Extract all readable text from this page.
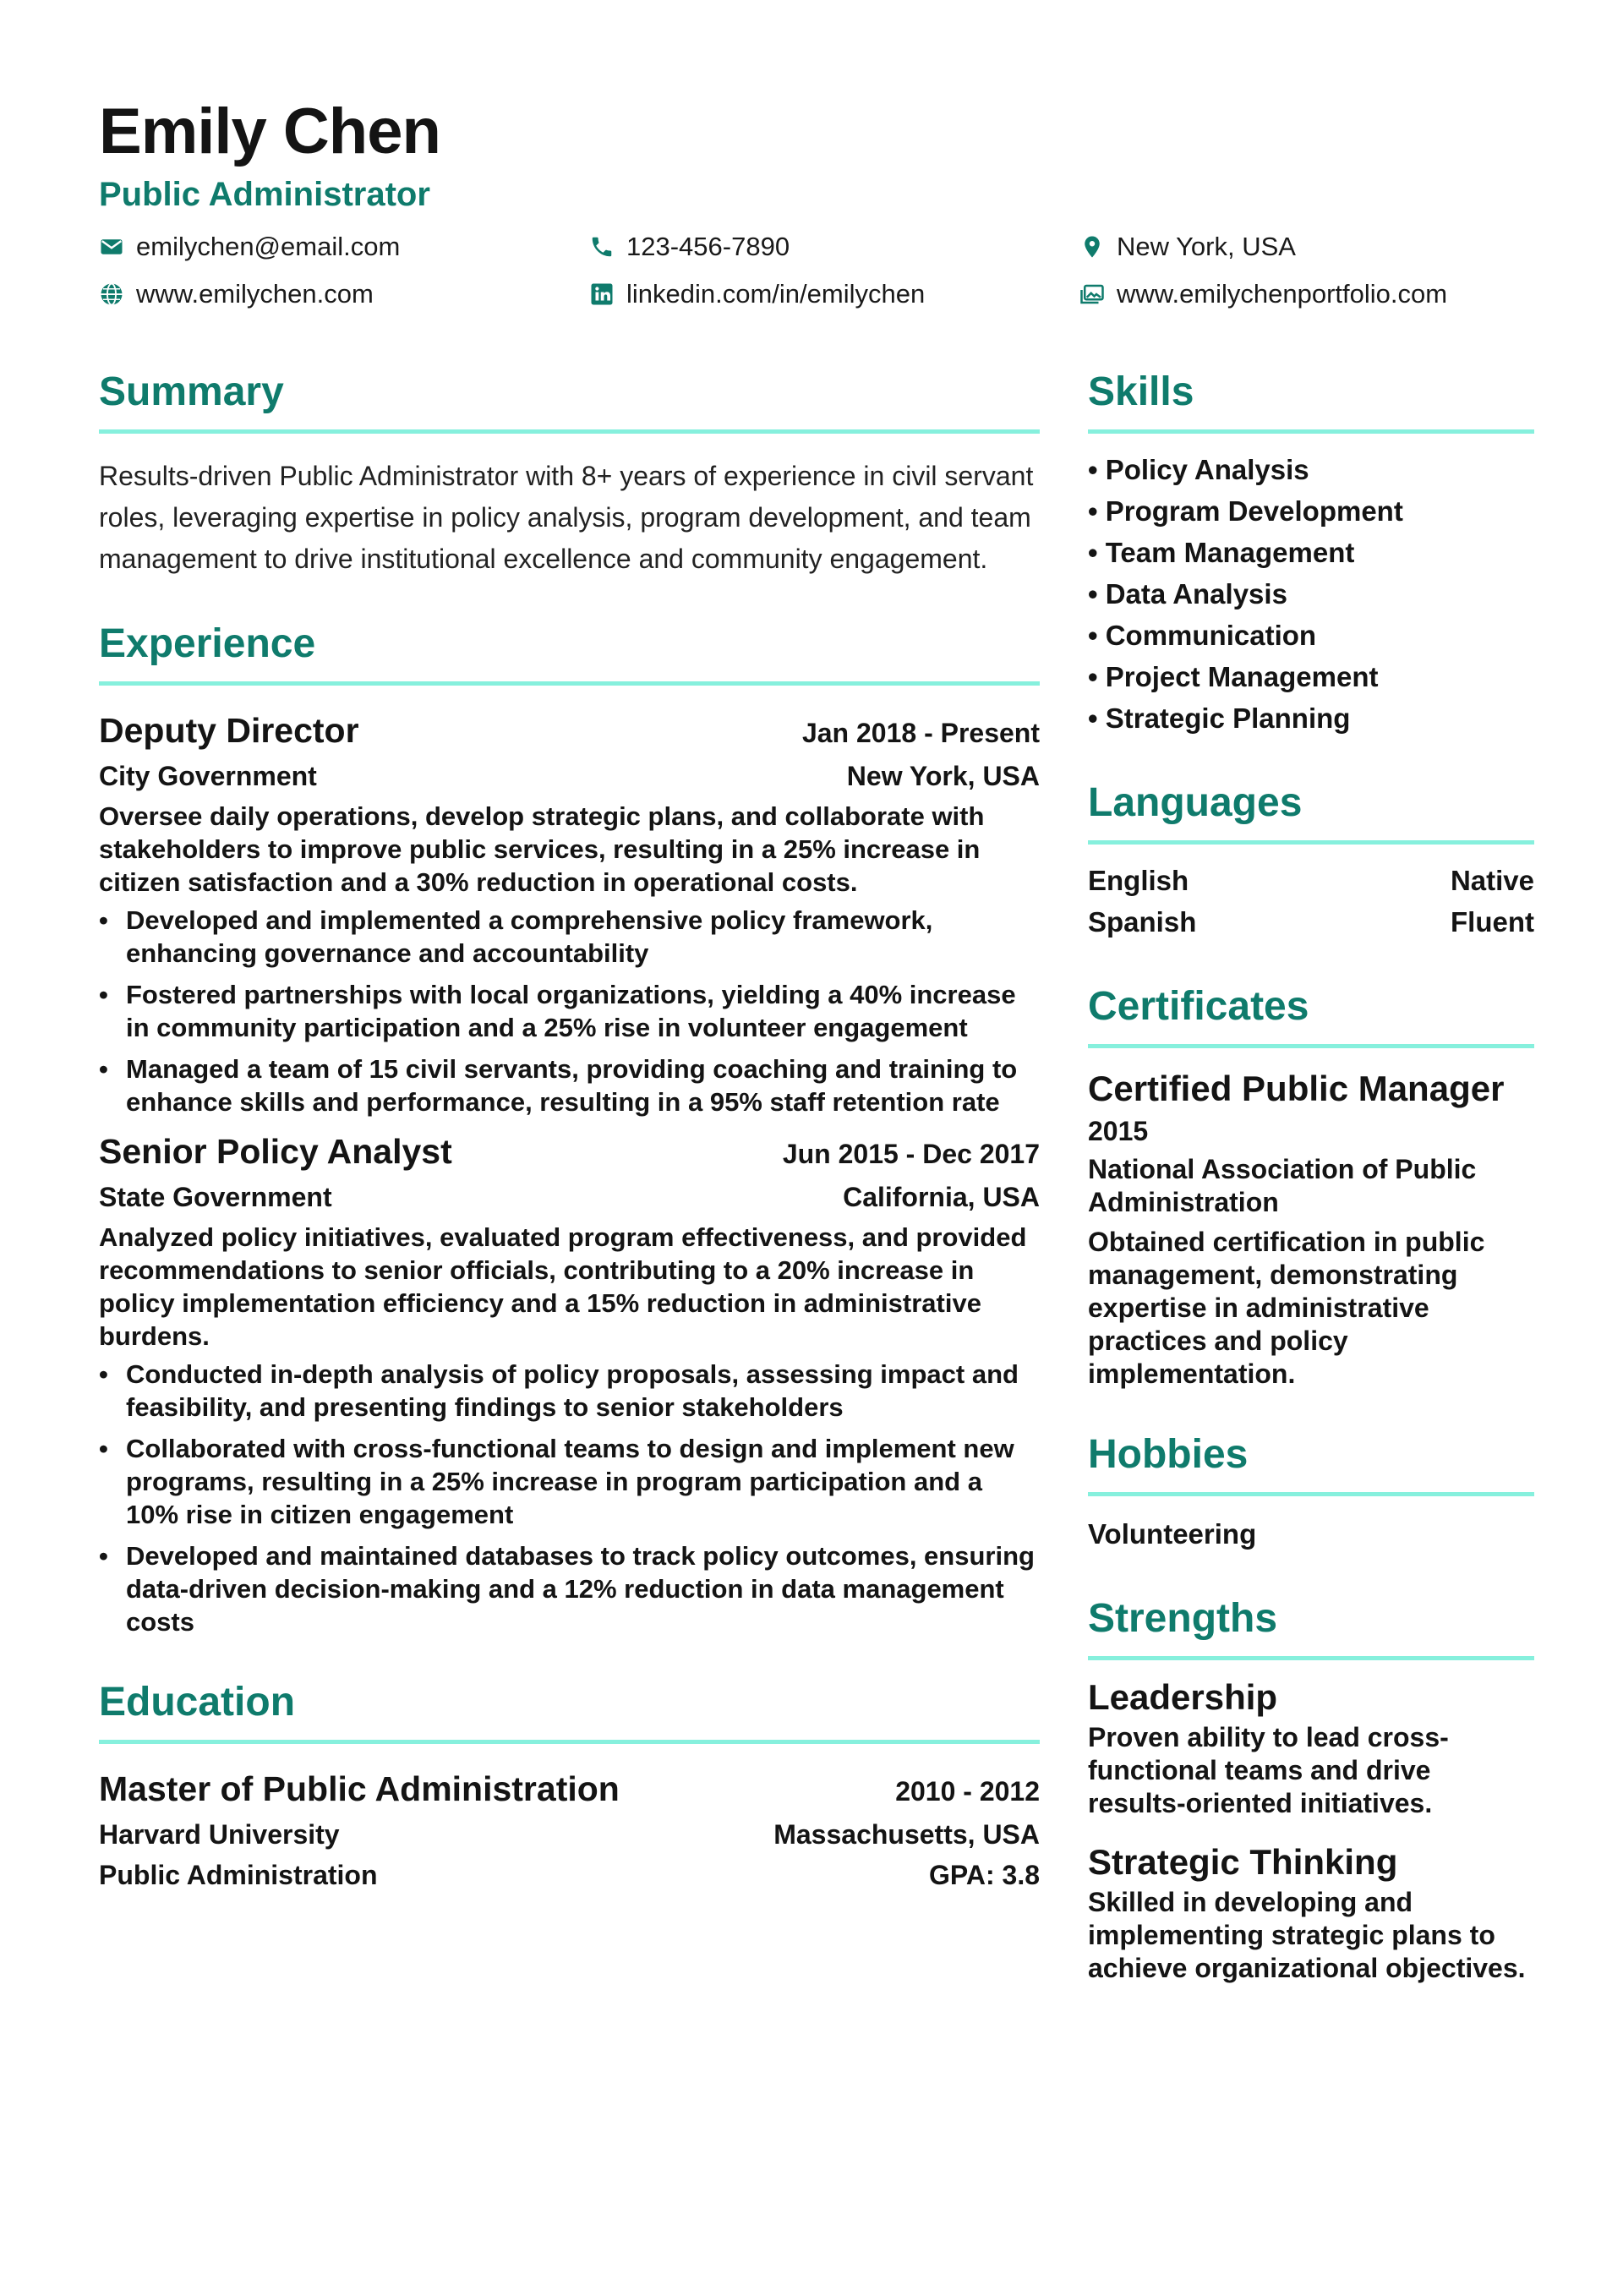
Emily Chen
Public Administrator
emilychen@email.com	123-456-7890	New York, USA
www.emilychen.com	linkedin.com/in/emilychen	www.emilychenportfolio.com
Summary
Results-driven Public Administrator with 8+ years of experience in civil servant roles, leveraging expertise in policy analysis, program development, and team management to drive institutional excellence and community engagement.
Experience
Deputy Director	Jan 2018 - Present
City Government	New York, USA
Oversee daily operations, develop strategic plans, and collaborate with stakeholders to improve public services, resulting in a 25% increase in citizen satisfaction and a 30% reduction in operational costs.
• Developed and implemented a comprehensive policy framework, enhancing governance and accountability
• Fostered partnerships with local organizations, yielding a 40% increase in community participation and a 25% rise in volunteer engagement
• Managed a team of 15 civil servants, providing coaching and training to enhance skills and performance, resulting in a 95% staff retention rate
Senior Policy Analyst	Jun 2015 - Dec 2017
State Government	California, USA
Analyzed policy initiatives, evaluated program effectiveness, and provided recommendations to senior officials, contributing to a 20% increase in policy implementation efficiency and a 15% reduction in administrative burdens.
• Conducted in-depth analysis of policy proposals, assessing impact and feasibility, and presenting findings to senior stakeholders
• Collaborated with cross-functional teams to design and implement new programs, resulting in a 25% increase in program participation and a 10% rise in citizen engagement
• Developed and maintained databases to track policy outcomes, ensuring data-driven decision-making and a 12% reduction in data management costs
Education
Master of Public Administration	2010 - 2012
Harvard University	Massachusetts, USA
Public Administration	GPA: 3.8
Skills
• Policy Analysis
• Program Development
• Team Management
• Data Analysis
• Communication
• Project Management
• Strategic Planning
Languages
English	Native
Spanish	Fluent
Certificates
Certified Public Manager
2015
National Association of Public Administration
Obtained certification in public management, demonstrating expertise in administrative practices and policy implementation.
Hobbies
Volunteering
Strengths
Leadership
Proven ability to lead cross-functional teams and drive results-oriented initiatives.
Strategic Thinking
Skilled in developing and implementing strategic plans to achieve organizational objectives.
